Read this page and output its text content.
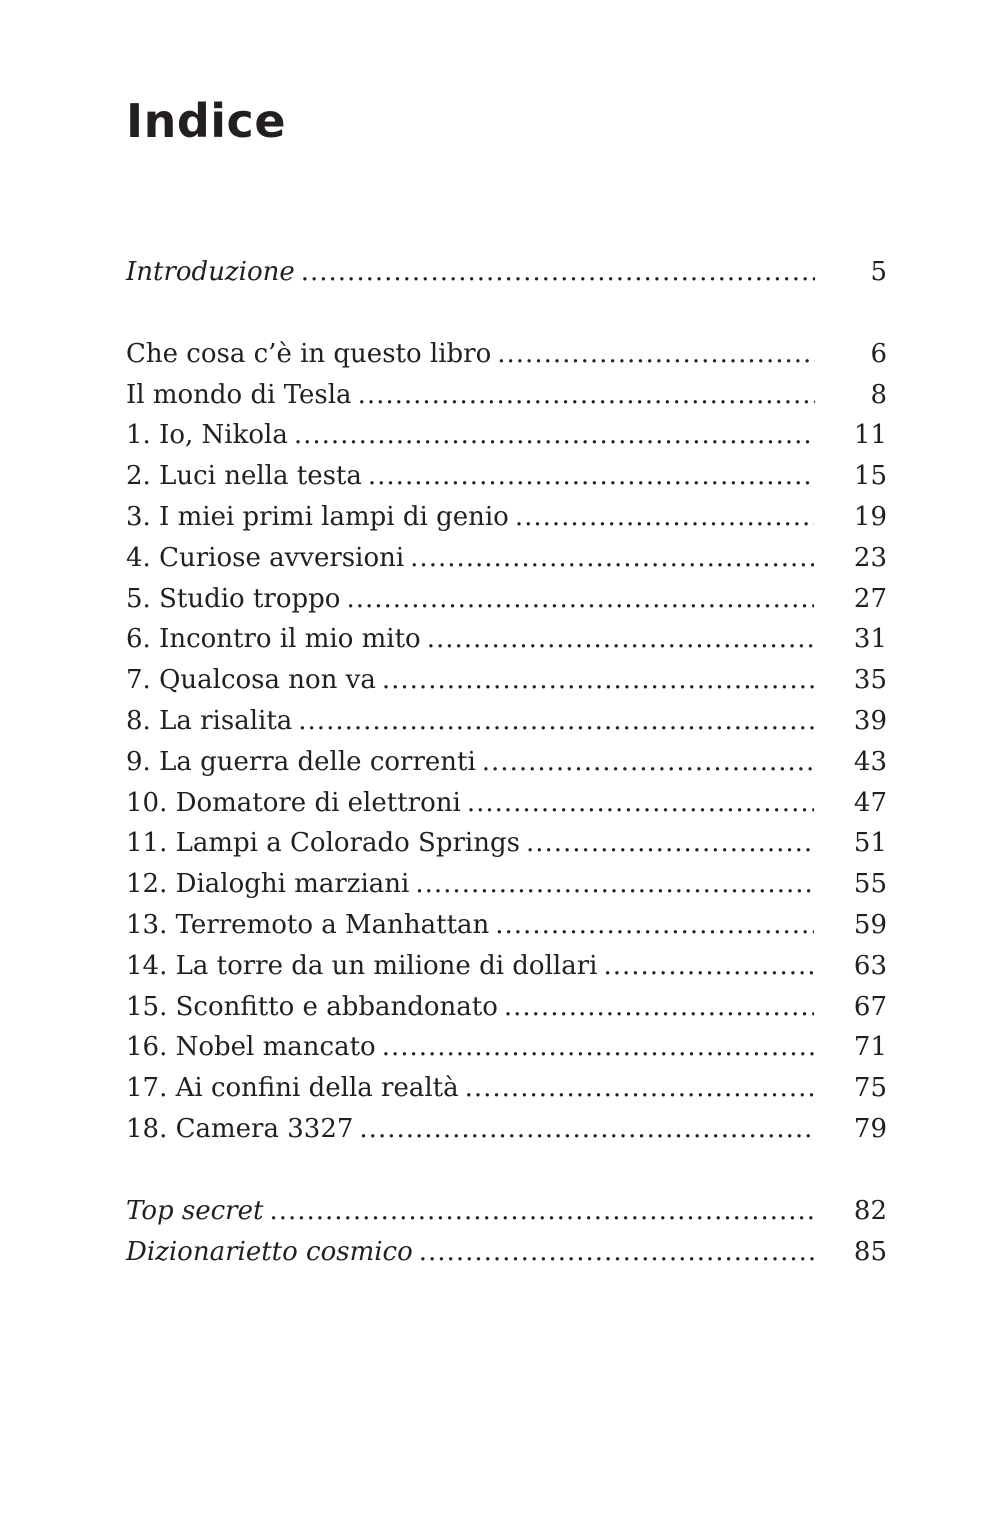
Indice
Introduzione .....	5
Che cosa c’è in questo libro .....	6
Il mondo di Tesla .....	8
1. Io, Nikola .....	11
2. Luci nella testa .....	15
3. I miei primi lampi di genio .....	19
4. Curiose avversioni .....	23
5. Studio troppo .....	27
6. Incontro il mio mito .....	31
7. Qualcosa non va .....	35
8. La risalita .....	39
9. La guerra delle correnti .....	43
10. Domatore di elettroni .....	47
11. Lampi a Colorado Springs .....	51
12. Dialoghi marziani .....	55
13. Terremoto a Manhattan .....	59
14. La torre da un milione di dollari .....	63
15. Sconfitto e abbandonato .....	67
16. Nobel mancato .....	71
17. Ai confini della realtà .....	75
18. Camera 3327 .....	79
Top secret .....	82
Dizionarietto cosmico .....	85
